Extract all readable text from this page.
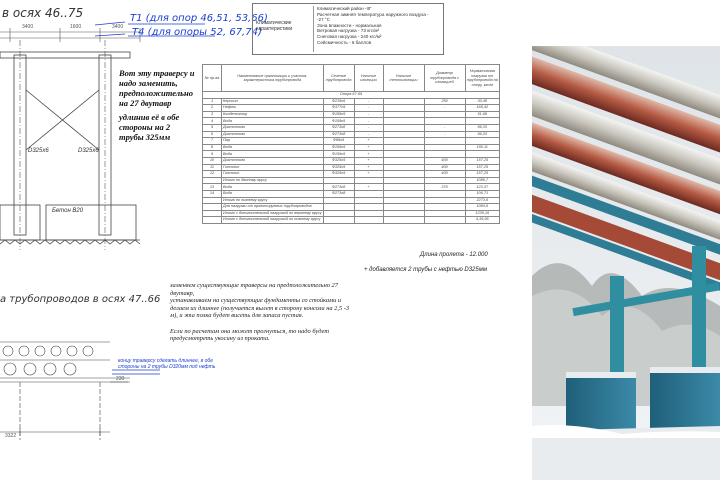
в осях 46..75
3400	1600	3400
Т1 (для опор 46,51, 53,66)
Т4 (для опоры 52, 67,74)
Вот эту траверсу и
надо заменить,
предположительно
на 27 двутавр
удлинив её в обе
стороны на 2
трубы 325мм
D325х6	D325х6
Бетон В20
а трубопроводов в осях 47..66
концу траверсу сделать длиннее, в обе
стороны на 2 трубы D320мм под нефть
230
3322
Климатические характеристики
Климатический район -IIГ
Расчетная зимняя температура наружного воздуха -
-27 °С
Зона влажности - нормальная
Ветровая нагрузка - 73 кгс/м²
Снеговая нагрузка - 240 кгс/м²
Сейсмичность - 6 баллов
№ пр-ва	Наименование организации и участка, характеристика трубопровода	Сечение трубопровода	Наличие изоляции	Наличие теплоизоляции	Диаметр трубопровода с изоляцией	Нормативная нагрузка от трубопровода на опору, кгс/м
Опора 67-69						
1	Керосин	Ф219х6	-		250	30,48
2	Нефть	Ф377х9	-		-	169,42
3	Конденсатор	Ф159х5	-			51,68
4	Вода	Ф159х5	-			
5	Дизтопливо	Ф273х8	-		-	96,33
6	Дизтопливо	Ф273х8	-		-	96,33
7	Пар	Ф89х5	+			
8	Вода	Ф159х5	+			150,11
9	Вода	Ф159х5	+			
10	Дизтопливо	Ф325х9	+		400	157,25
11	Гипсолин	Ф325х9	+		400	157,25
12	Гипсолин	Ф325х9	+		400	157,25
	Итого по данному ярусу					1086,7
13	Вода	Ф273х8	+		370	123,37
14	Вода	Ф273х8				106,71
	Итого по нижнему ярусу					2273,6
	Для нагрузки от проектируемых трубопроводов					1084,6
	Итого с дополнительной нагрузкой по верхнему ярусу					1235,16
	Итого с дополнительной нагрузкой по нижнему ярусу					4,35,96
Длина пролета - 12.000
+ добавляется 2 трубы с нефтью D325мм
заменяем существующие траверсы на предположительно 27
двутавр,
устанавливаем на существующие фундаменты со стойками и
делаем их длиннее (получается вылет в сторону консоли на 2,5 -3
м), и эта полка будет висеть для запаса пустая.
Если по расчетам она может прогнуться, то надо будет
предусмотреть укосину из проката.
